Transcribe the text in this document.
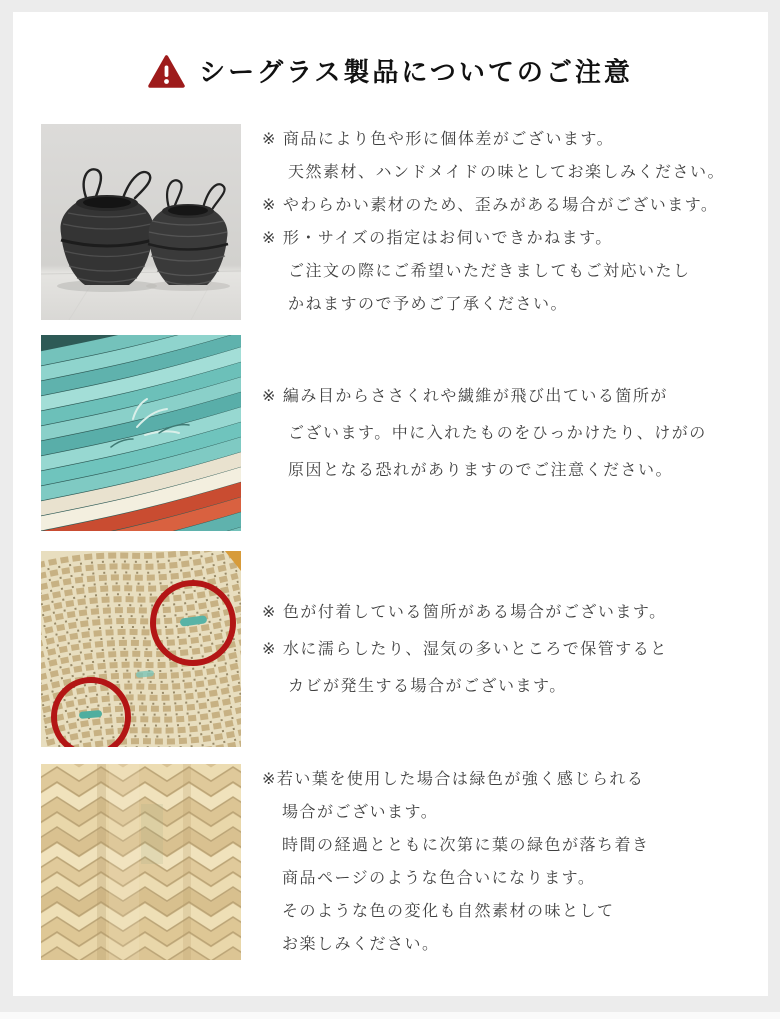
シーグラス製品についてのご注意
※ 商品により色や形に個体差がございます。
天然素材、ハンドメイドの味としてお楽しみください。
※ やわらかい素材のため、歪みがある場合がございます。
※ 形・サイズの指定はお伺いできかねます。
ご注文の際にご希望いただきましてもご対応いたし
かねますので予めご了承ください。
※ 編み目からささくれや繊維が飛び出ている箇所が
ございます。中に入れたものをひっかけたり、けがの
原因となる恐れがありますのでご注意ください。
※ 色が付着している箇所がある場合がございます。
※ 水に濡らしたり、湿気の多いところで保管すると
カビが発生する場合がございます。
※若い葉を使用した場合は緑色が強く感じられる
場合がございます。
時間の経過とともに次第に葉の緑色が落ち着き
商品ページのような色合いになります。
そのような色の変化も自然素材の味として
お楽しみください。
